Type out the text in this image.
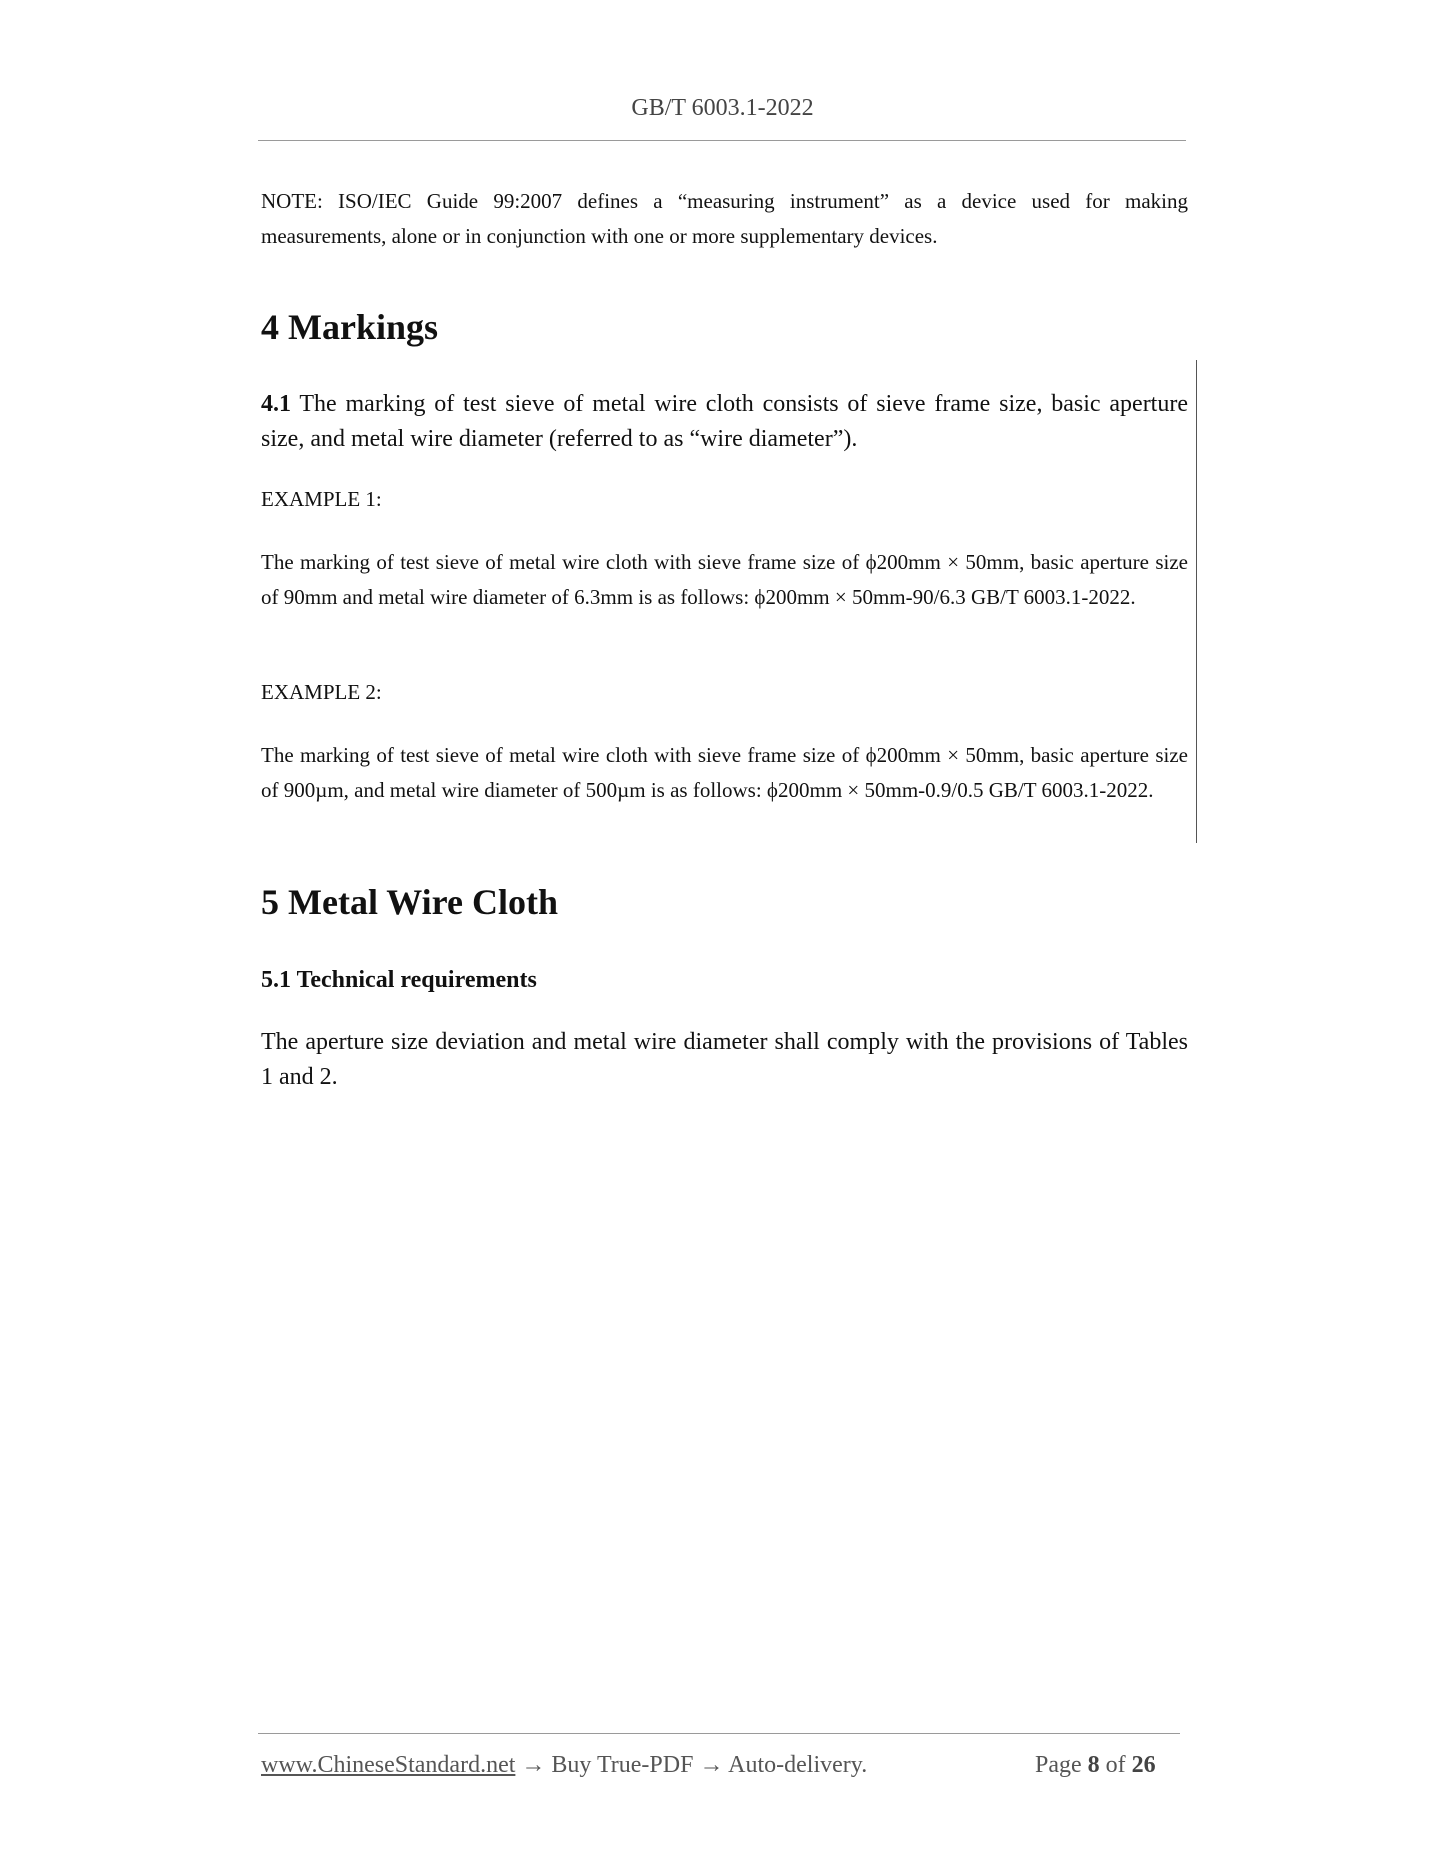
GB/T 6003.1-2022
NOTE: ISO/IEC Guide 99:2007 defines a “measuring instrument” as a device used for making measurements, alone or in conjunction with one or more supplementary devices.
4 Markings
4.1 The marking of test sieve of metal wire cloth consists of sieve frame size, basic aperture size, and metal wire diameter (referred to as “wire diameter”).
EXAMPLE 1:
The marking of test sieve of metal wire cloth with sieve frame size of ϕ200mm × 50mm, basic aperture size of 90mm and metal wire diameter of 6.3mm is as follows: ϕ200mm × 50mm-90/6.3 GB/T 6003.1-2022.
EXAMPLE 2:
The marking of test sieve of metal wire cloth with sieve frame size of ϕ200mm × 50mm, basic aperture size of 900µm, and metal wire diameter of 500µm is as follows: ϕ200mm × 50mm-0.9/0.5 GB/T 6003.1-2022.
5 Metal Wire Cloth
5.1 Technical requirements
The aperture size deviation and metal wire diameter shall comply with the provisions of Tables 1 and 2.
www.ChineseStandard.net → Buy True-PDF → Auto-delivery.	Page 8 of 26
